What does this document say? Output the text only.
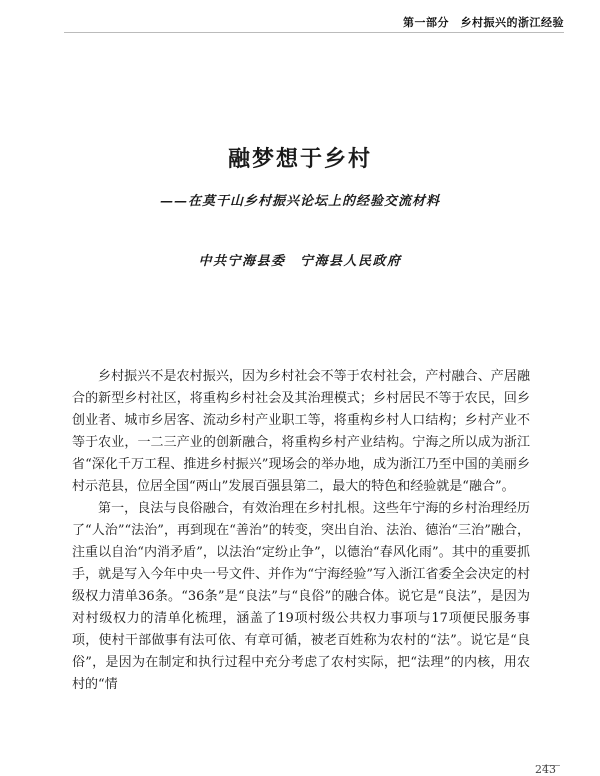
第一部分　乡村振兴的浙江经验
融梦想于乡村
——在莫干山乡村振兴论坛上的经验交流材料
中共宁海县委　宁海县人民政府

乡村振兴不是农村振兴，因为乡村社会不等于农村社会，产村融合、产居融合的新型乡村社区，将重构乡村社会及其治理模式；乡村居民不等于农民，回乡创业者、城市乡居客、流动乡村产业职工等，将重构乡村人口结构；乡村产业不等于农业，一二三产业的创新融合，将重构乡村产业结构。宁海之所以成为浙江省“深化千万工程、推进乡村振兴”现场会的举办地，成为浙江乃至中国的美丽乡村示范县，位居全国“两山”发展百强县第二，最大的特色和经验就是“融合”。

第一，良法与良俗融合，有效治理在乡村扎根。这些年宁海的乡村治理经历了“人治”“法治”，再到现在“善治”的转变，突出自治、法治、德治“三治”融合，注重以自治“内消矛盾”，以法治“定纷止争”，以德治“春风化雨”。其中的重要抓手，就是写入今年中央一号文件、并作为“宁海经验”写入浙江省委全会决定的村级权力清单36条。“36条”是“良法”与“良俗”的融合体。说它是“良法”，是因为对村级权力的清单化梳理，涵盖了19项村级公共权力事项与17项便民服务事项，使村干部做事有法可依、有章可循，被老百姓称为农村的“法”。说它是“良俗”，是因为在制定和执行过程中充分考虑了农村实际，把“法理”的内核，用农村的“情

243
